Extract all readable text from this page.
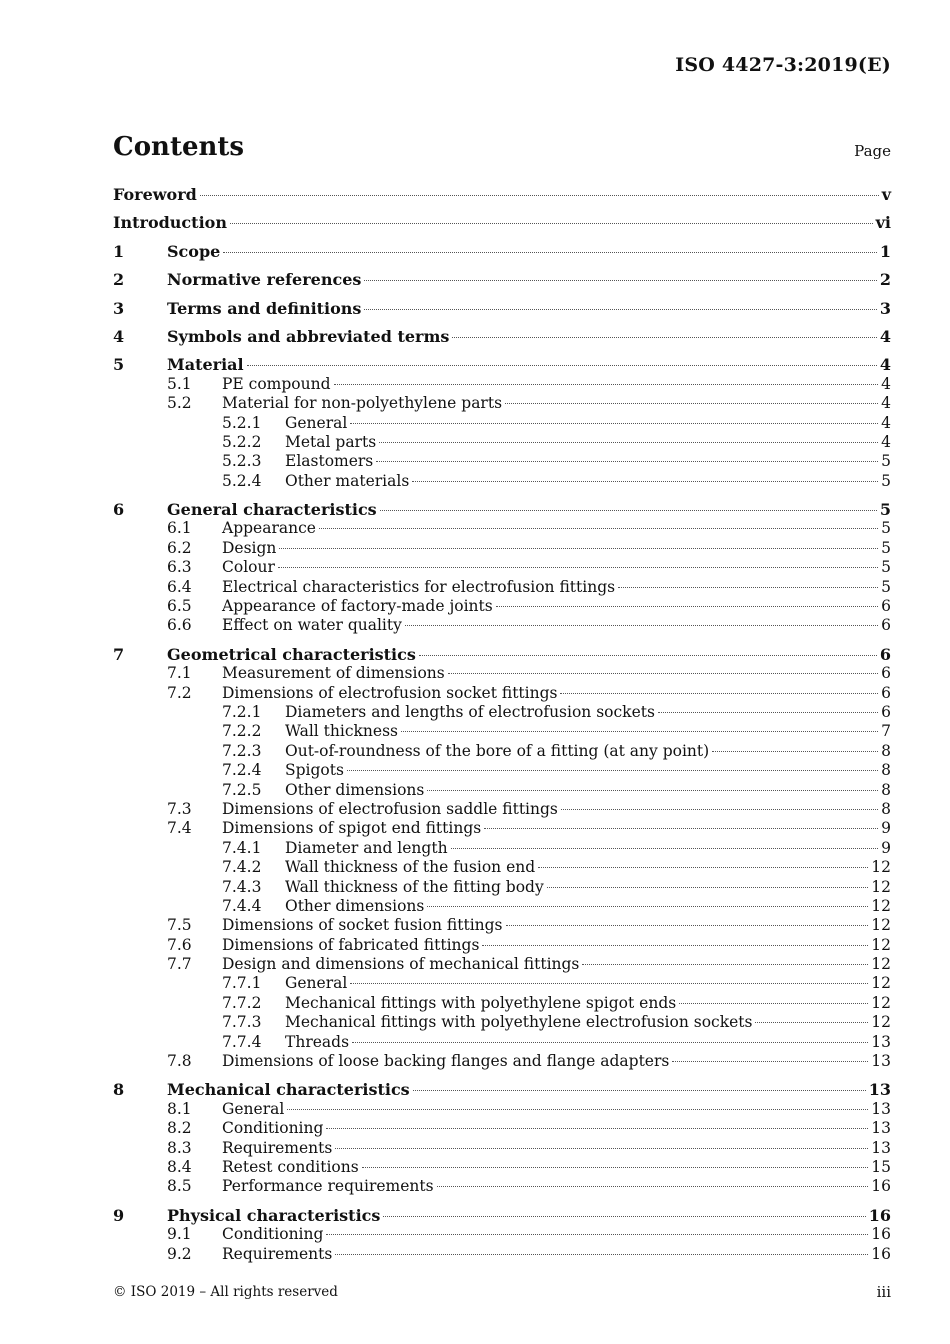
ISO 4427-3:2019(E)
Contents	Page
Foreword	v
Introduction	vi
1	Scope	1
2	Normative references	2
3	Terms and definitions	3
4	Symbols and abbreviated terms	4
5	Material	4
5.1 PE compound	4
5.2 Material for non-polyethylene parts	4
5.2.1 General	4
5.2.2 Metal parts	4
5.2.3 Elastomers	5
5.2.4 Other materials	5
6	General characteristics	5
6.1 Appearance	5
6.2 Design	5
6.3 Colour	5
6.4 Electrical characteristics for electrofusion fittings	5
6.5 Appearance of factory-made joints	6
6.6 Effect on water quality	6
7	Geometrical characteristics	6
7.1 Measurement of dimensions	6
7.2 Dimensions of electrofusion socket fittings	6
7.2.1 Diameters and lengths of electrofusion sockets	6
7.2.2 Wall thickness	7
7.2.3 Out-of-roundness of the bore of a fitting (at any point)	8
7.2.4 Spigots	8
7.2.5 Other dimensions	8
7.3 Dimensions of electrofusion saddle fittings	8
7.4 Dimensions of spigot end fittings	9
7.4.1 Diameter and length	9
7.4.2 Wall thickness of the fusion end	12
7.4.3 Wall thickness of the fitting body	12
7.4.4 Other dimensions	12
7.5 Dimensions of socket fusion fittings	12
7.6 Dimensions of fabricated fittings	12
7.7 Design and dimensions of mechanical fittings	12
7.7.1 General	12
7.7.2 Mechanical fittings with polyethylene spigot ends	12
7.7.3 Mechanical fittings with polyethylene electrofusion sockets	12
7.7.4 Threads	13
7.8 Dimensions of loose backing flanges and flange adapters	13
8	Mechanical characteristics	13
8.1 General	13
8.2 Conditioning	13
8.3 Requirements	13
8.4 Retest conditions	15
8.5 Performance requirements	16
9	Physical characteristics	16
9.1 Conditioning	16
9.2 Requirements	16
© ISO 2019 – All rights reserved	iii
